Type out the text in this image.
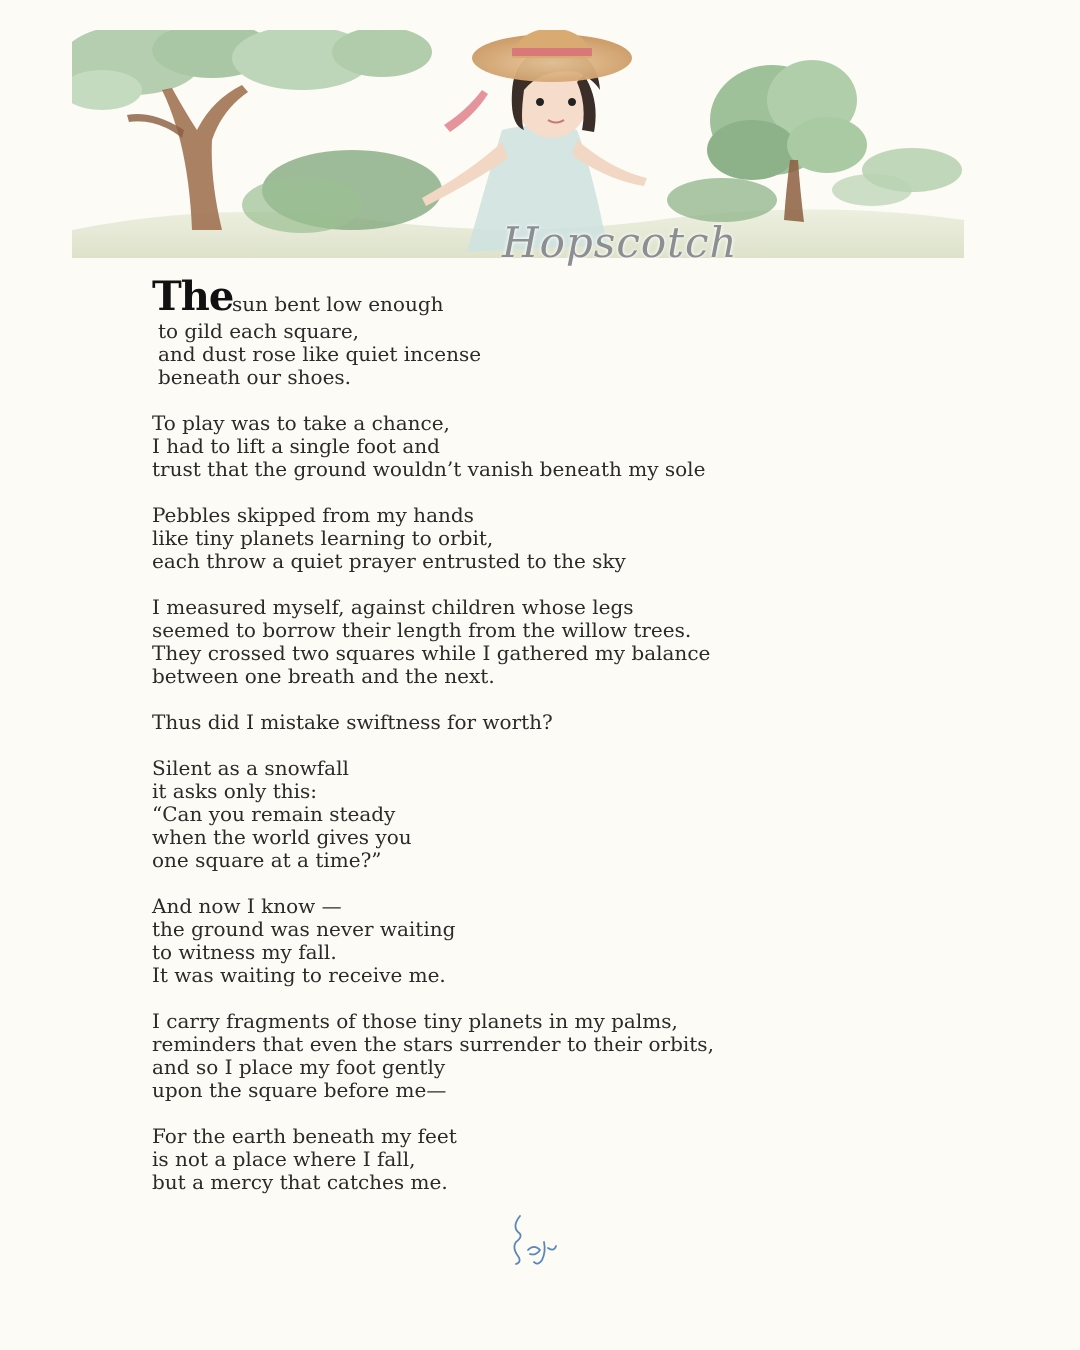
Hopscotch
The
sun bent low enough
to gild each square,
and dust rose like quiet incense
beneath our shoes.
To play was to take a chance,
I had to lift a single foot and
trust that the ground wouldn’t vanish beneath my sole
Pebbles skipped from my hands
like tiny planets learning to orbit,
each throw a quiet prayer entrusted to the sky
I measured myself, against children whose legs
seemed to borrow their length from the willow trees.
They crossed two squares while I gathered my balance
between one breath and the next.
Thus did I mistake swiftness for worth?
Silent as a snowfall
it asks only this:
“Can you remain steady
when the world gives you
one square at a time?”
And now I know —
the ground was never waiting
to witness my fall.
It was waiting to receive me.
I carry fragments of those tiny planets in my palms,
reminders that even the stars surrender to their orbits,
and so I place my foot gently
upon the square before me—
For the earth beneath my feet
is not a place where I fall,
but a mercy that catches me.
